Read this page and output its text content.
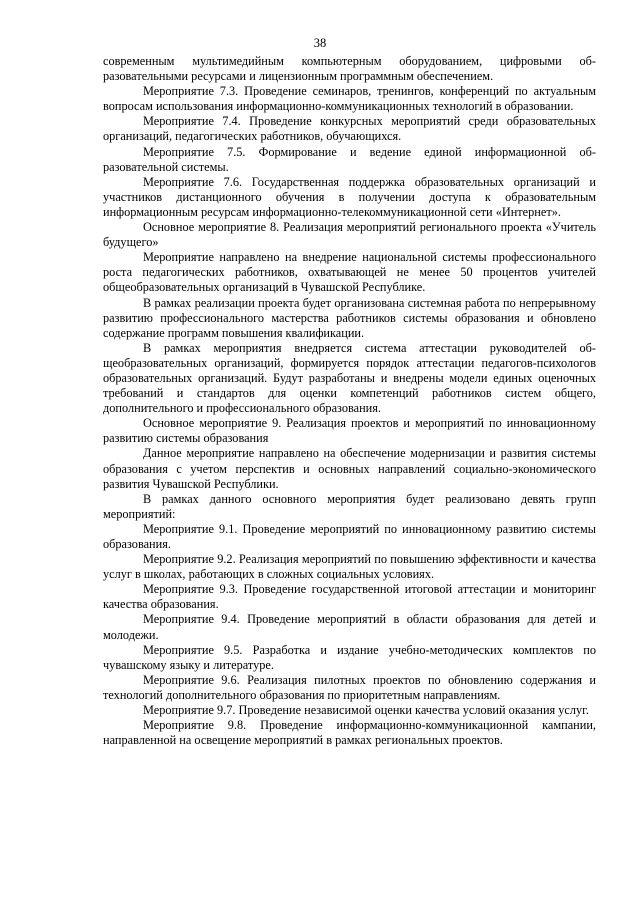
38

современным мультимедийным компьютерным оборудованием, цифровыми образовательными ресурсами и лицензионным программным обеспечением.

Мероприятие 7.3. Проведение семинаров, тренингов, конференций по актуальным вопросам использования информационно-коммуникационных технологий в образовании.

Мероприятие 7.4. Проведение конкурсных мероприятий среди образовательных организаций, педагогических работников, обучающихся.

Мероприятие 7.5. Формирование и ведение единой информационной образовательной системы.

Мероприятие 7.6. Государственная поддержка образовательных организаций и участников дистанционного обучения в получении доступа к образовательным информационным ресурсам информационно-телекоммуникационной сети «Интернет».

Основное мероприятие 8. Реализация мероприятий регионального проекта «Учитель будущего»

Мероприятие направлено на внедрение национальной системы профессионального роста педагогических работников, охватывающей не менее 50 процентов учителей общеобразовательных организаций в Чувашской Республике.

В рамках реализации проекта будет организована системная работа по непрерывному развитию профессионального мастерства работников системы образования и обновлено содержание программ повышения квалификации.

В рамках мероприятия внедряется система аттестации руководителей общеобразовательных организаций, формируется порядок аттестации педагогов-психологов образовательных организаций. Будут разработаны и внедрены модели единых оценочных требований и стандартов для оценки компетенций работников систем общего, дополнительного и профессионального образования.

Основное мероприятие 9. Реализация проектов и мероприятий по инновационному развитию системы образования

Данное мероприятие направлено на обеспечение модернизации и развития системы образования с учетом перспектив и основных направлений социально-экономического развития Чувашской Республики.

В рамках данного основного мероприятия будет реализовано девять групп мероприятий:

Мероприятие 9.1. Проведение мероприятий по инновационному развитию системы образования.

Мероприятие 9.2. Реализация мероприятий по повышению эффективности и качества услуг в школах, работающих в сложных социальных условиях.

Мероприятие 9.3. Проведение государственной итоговой аттестации и мониторинг качества образования.

Мероприятие 9.4. Проведение мероприятий в области образования для детей и молодежи.

Мероприятие 9.5. Разработка и издание учебно-методических комплектов по чувашскому языку и литературе.

Мероприятие 9.6. Реализация пилотных проектов по обновлению содержания и технологий дополнительного образования по приоритетным направлениям.

Мероприятие 9.7. Проведение независимой оценки качества условий оказания услуг.

Мероприятие 9.8. Проведение информационно-коммуникационной кампании, направленной на освещение мероприятий в рамках региональных проектов.
